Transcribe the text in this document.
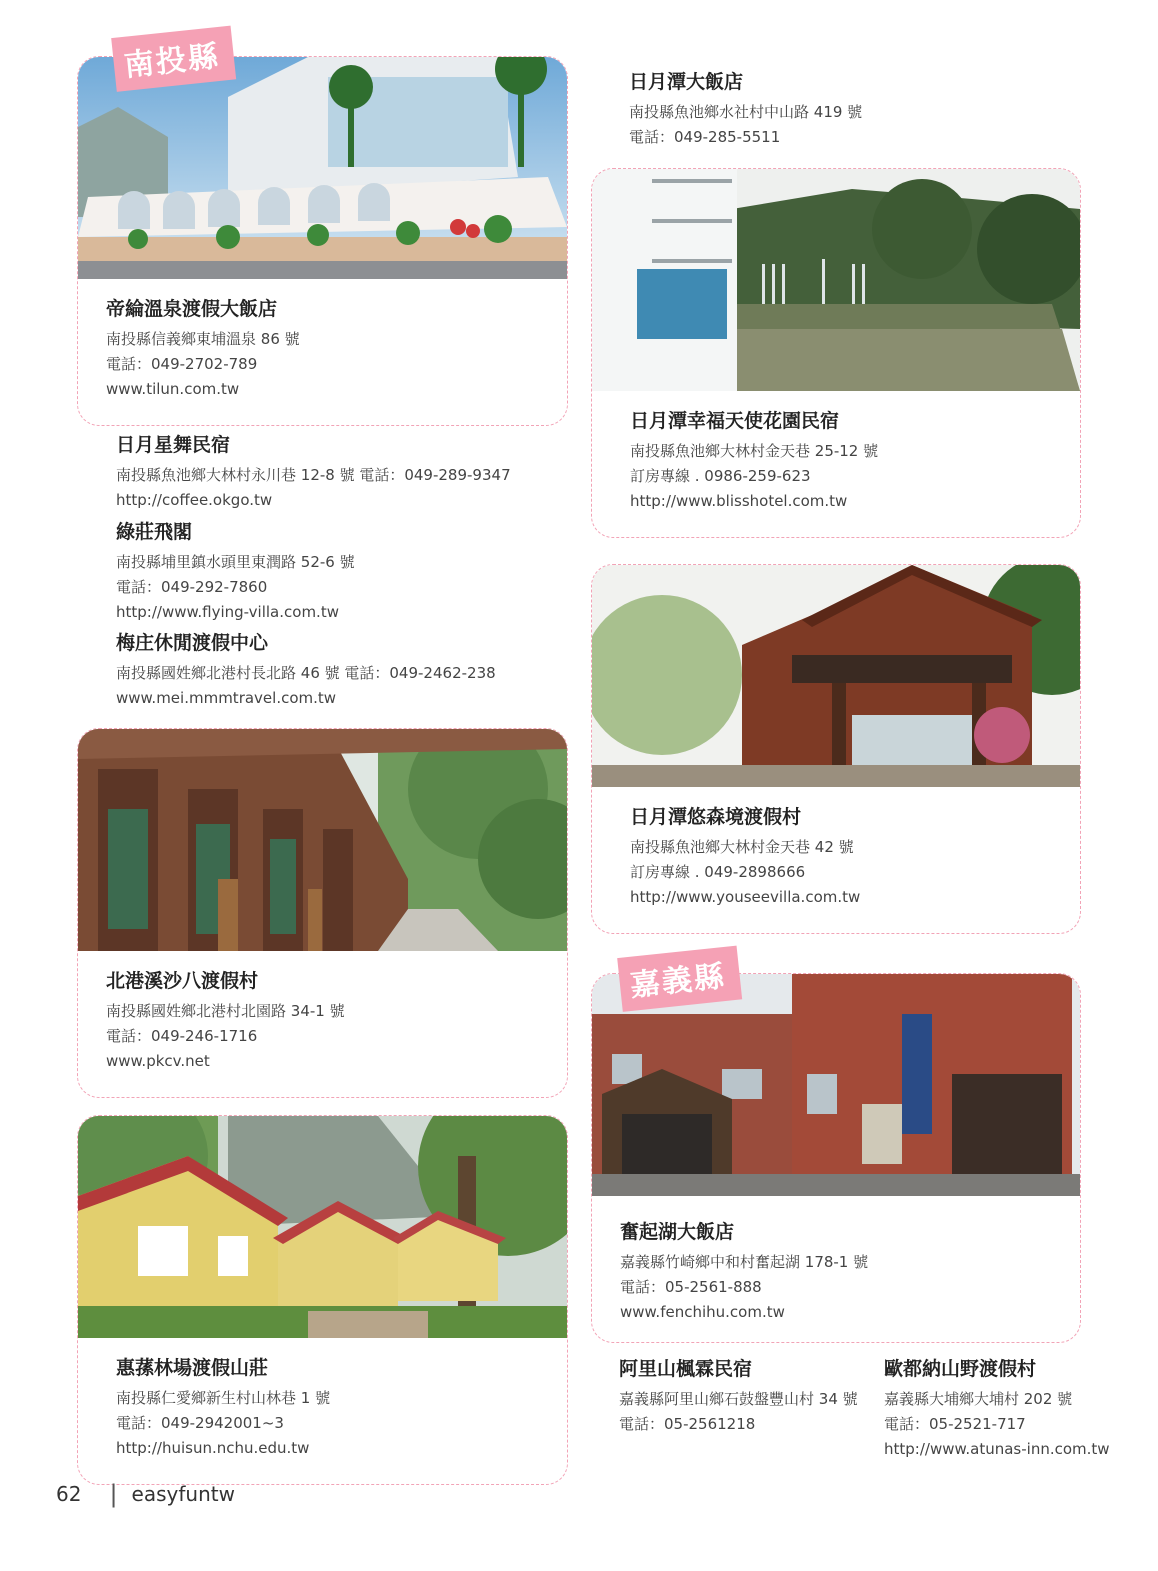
帝綸溫泉渡假大飯店
南投縣信義鄉東埔溫泉 86 號
電話：049-2702-789
www.tilun.com.tw
南投縣
日月星舞民宿
南投縣魚池鄉大林村永川巷 12-8 號 電話：049-289-9347
http://coffee.okgo.tw
綠莊飛閣
南投縣埔里鎮水頭里東潤路 52-6 號
電話：049-292-7860
http://www.flying-villa.com.tw
梅庄休閒渡假中心
南投縣國姓鄉北港村長北路 46 號 電話：049-2462-238
www.mei.mmmtravel.com.tw
北港溪沙八渡假村
南投縣國姓鄉北港村北園路 34-1 號
電話：049-246-1716
www.pkcv.net
惠蓀林場渡假山莊
南投縣仁愛鄉新生村山林巷 1 號
電話：049-2942001~3
http://huisun.nchu.edu.tw
日月潭大飯店
南投縣魚池鄉水社村中山路 419 號
電話：049-285-5511
日月潭幸福天使花園民宿
南投縣魚池鄉大林村金天巷 25-12 號
訂房專線 . 0986-259-623
http://www.blisshotel.com.tw
日月潭悠森境渡假村
南投縣魚池鄉大林村金天巷 42 號
訂房專線 . 049-2898666
http://www.youseevilla.com.tw
奮起湖大飯店
嘉義縣竹崎鄉中和村奮起湖 178-1 號
電話：05-2561-888
www.fenchihu.com.tw
嘉義縣
阿里山楓霖民宿
嘉義縣阿里山鄉石鼓盤豐山村 34 號
電話：05-2561218
歐都納山野渡假村
嘉義縣大埔鄉大埔村 202 號
電話：05-2521-717
http://www.atunas-inn.com.tw
62 | easyfuntw
